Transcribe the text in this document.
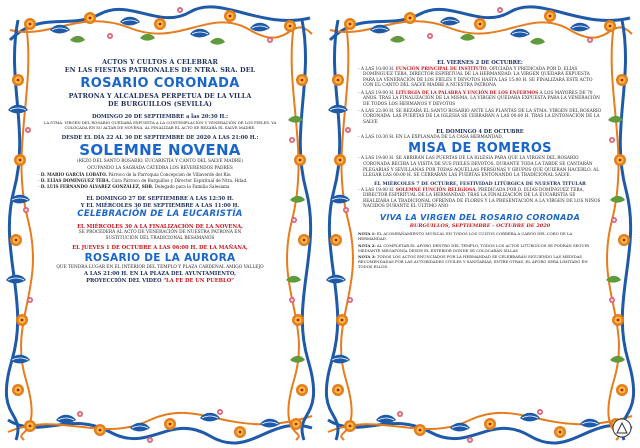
ACTOS Y CULTOS A CELEBRAR
EN LAS FIESTAS PATRONALES DE NTRA. SRA. DEL
ROSARIO CORONADA
PATRONA Y ALCALDESA PERPETUA DE LA VILLA
DE BURGUILLOS (SEVILLA)
DOMINGO 20 DE SEPTIEMBRE a las 20:30 H.:
LA STMA. VIRGEN DEL ROSARIO QUEDARÁ EXPUESTA A LA CONTEMPLACIÓN Y VENERACIÓN DE LOS FIELES, YA COLOCADA EN SU ALTAR DE NOVENA. AL FINALIZAR EL ACTO SE REZARÁ EL SALVE MADRE.
DESDE EL DÍA 22 AL 30 DE SEPTIEMBRE DE 2020 A LAS 21:00 H.:
SOLEMNE NOVENA
(REZO DEL SANTO ROSARIO, EUCARISTÍA Y CANTO DEL SALVE MADRE)
OCUPANDO LA SAGRADA CÁTEDRA LOS REVERENDOS PADRES
- D. MARIO GARCÍA LOBATO. Párroco de la Parroquia Concepción de Villaverde del Río.
- D. ELÍAS DOMÍNGUEZ TEBA. Cura Párroco de Burguillos y Director Espiritual de Ntra. Hdad.
- D. LUIS FERNANDO ÁLVAREZ GONZÁLEZ, SDB. Delegado para la Familia Salesiana
EL DOMINGO 27 DE SEPTIEMBRE A LAS 12:30 H.
Y EL MIÉRCOLES 30 DE SEPTIEMBRE A LAS 11:00 H.
CELEBRACIÓN DE LA EUCARISTÍA
EL MIÉRCOLES 30 A LA FINALIZACIÓN DE LA NOVENA,
SE PROCEDERÁ AL ACTO DE VENERACIÓN DE NUESTRA PATRONA EN
SUSTITUCIÓN DEL TRADICIONAL BESAMANOS
EL JUEVES 1 DE OCTUBRE A LAS 06:00 H. DE LA MAÑANA,
ROSARIO DE LA AURORA
QUE TENDRÁ LUGAR EN EL INTERIOR DEL TEMPLO Y PLAZA CARDENAL AMIGO VALLEJO
A LAS 21:00 H. EN LA PLAZA DEL AYUNTAMIENTO,
PROYECCIÓN DEL VIDEO "LA FE DE UN PUEBLO"
EL VIERNES 2 DE OCTUBRE:
- A LAS 10:00 H. FUNCIÓN PRINCIPAL DE INSTITUTO, OFICIADA Y PREDICADA POR D. ELÍAS DOMÍNGUEZ TEBA, DIRECTOR ESPIRITUAL DE LA HERMANDAD. LA VIRGEN QUEDARÁ EXPUESTA PARA LA VENERACIÓN DE LOS FIELES Y DEVOTOS HASTA LAS 15:00 H. SE FINALIZARÁ ESTE ACTO CON EL CANTO DEL SALVE MADRE A NUESTRA PATRONA
- A LAS 19:00 H. LITURGIA DE LA PALABRA Y UNCIÓN DE LOS ENFERMOS A LOS MAYORES DE 70 AÑOS. TRAS LA FINALIZACIÓN DE LA MISMA, LA VIRGEN QUEDARÁ EXPUESTA PARA LA VENERACIÓN DE TODOS LOS HERMANOS Y DEVOTOS
- A LAS 22:00 H. SE REZARÁ EL SANTO ROSARIO ANTE LAS PLANTAS DE LA STMA. VIRGEN DEL ROSARIO CORONADA. LAS PUERTAS DE LA IGLESIA SE CERRARÁN A LAS 00:00 H. TRAS LA ENTONACIÓN DE LA SALVE
EL DOMINGO 4 DE OCTUBRE
- A LAS 10:30 H. EN LA EXPLANADA DE LA CASA HERMANDAD,
MISA DE ROMEROS
- A LAS 19:00 H. SE ABRIRÁN LAS PUERTAS DE LA IGLESIA PARA QUE LA VIRGEN DEL ROSARIO CORONADA RECIBA LA VISITA DE SUS FIELES DEVOTOS. DURANTE TODA LA TARDE SE CANTARÁN PLEGARIAS Y SEVILLANAS POR TODAS AQUELLAS PERSONAS Y GRUPOS QUE QUIERAN HACERLO. AL LLEGAR LAS 00:00 H. SE CERRARÁN LAS PUERTAS ENTONANDO LA TRADICIONAL SALVE.
EL MIÉRCOLES 7 DE OCTUBRE, FESTIVIDAD LITÚRGICA DE NUESTRA TITULAR
- A LAS 19:00 H. SOLEMNE FUNCIÓN RELIGIOSA, PREDICADA POR D. ELÍAS DOMÍNGUEZ TEBA, DIRECTOR ESPIRITUAL DE LA HERMANDAD. TRAS LA FINALIZACIÓN DE LA EUCARISTÍA SE REALIZARÁ LA TRADICIONAL OFRENDA DE FLORES Y LA PRESENTACIÓN A LA VIRGEN DE LOS NIÑOS NACIDOS DURANTE EL ÚLTIMO AÑO
VIVA LA VIRGEN DEL ROSARIO CORONADA
BURGUILLOS, SEPTIEMBRE - OCTUBRE DE 2020
NOTA 1: EL ACOMPAÑAMIENTO MUSICAL EN TODOS LOS CULTOS CORRERÁ A CARGO DEL CORO DE LA HERMANDAD.
NOTA 2: AL COMPLETAR EL AFORO DENTRO DEL TEMPLO, TODOS LOS ACTOS LITÚRGICOS SE PODRÁN SEGUIR MEDIANTE MEGAFONÍA DESDE EL EXTERIOR DONDE SE COLOCARÁN SILLAS
NOTA 3: TODOS LOS ACTOS ENUNCIADOS POR LA HERMANDAD SE CELEBRARÁN SIGUIENDO LAS MEDIDAS RECOMENDADAS POR LAS AUTORIDADES CIVILES Y SANITARIAS, ENTRE OTRAS, EL AFORO SERÁ LIMITADO EN TODOS ELLOS.
